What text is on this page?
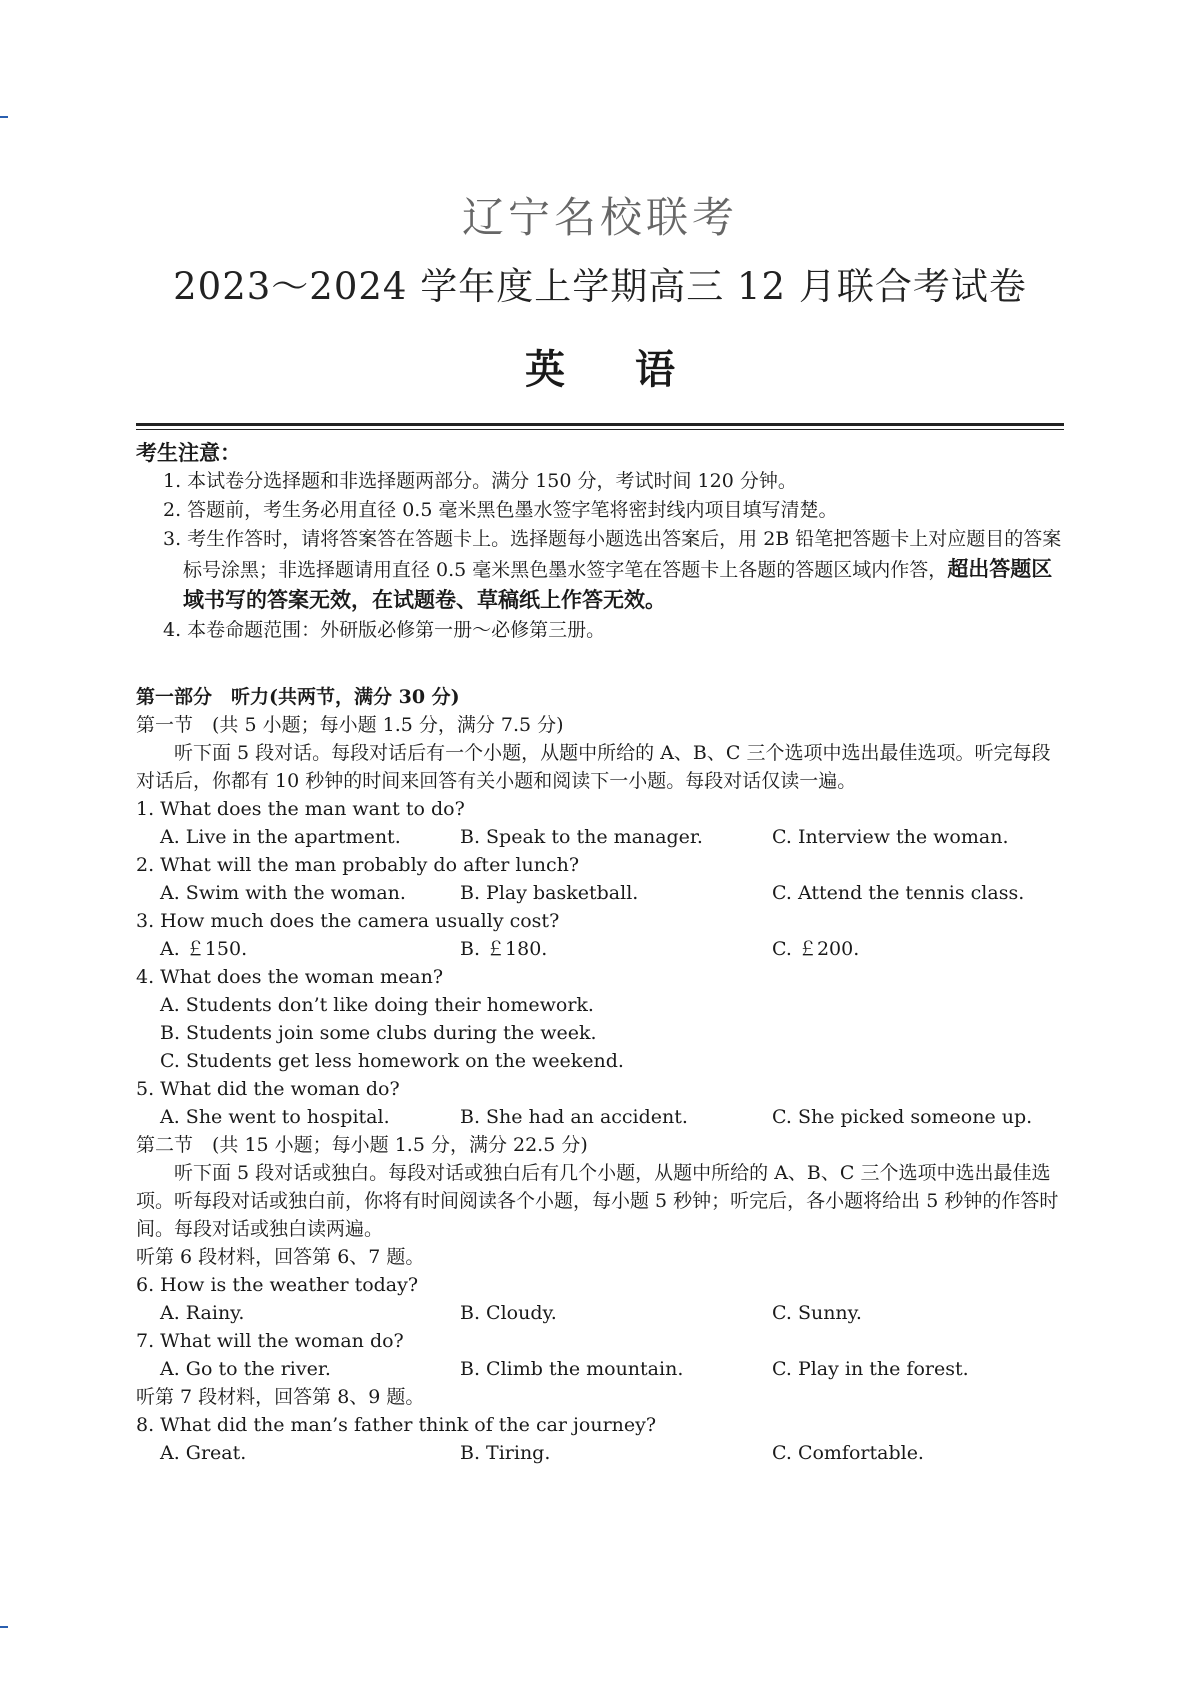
辽宁名校联考
2023～2024 学年度上学期高三 12 月联合考试卷
英语
考生注意：
1. 本试卷分选择题和非选择题两部分。满分 150 分，考试时间 120 分钟。
2. 答题前，考生务必用直径 0.5 毫米黑色墨水签字笔将密封线内项目填写清楚。
3. 考生作答时，请将答案答在答题卡上。选择题每小题选出答案后，用 2B 铅笔把答题卡上对应题目的答案标号涂黑；非选择题请用直径 0.5 毫米黑色墨水签字笔在答题卡上各题的答题区域内作答，超出答题区域书写的答案无效，在试题卷、草稿纸上作答无效。
4. 本卷命题范围：外研版必修第一册～必修第三册。
第一部分　听力(共两节，满分 30 分)
第一节　(共 5 小题；每小题 1.5 分，满分 7.5 分)
听下面 5 段对话。每段对话后有一个小题，从题中所给的 A、B、C 三个选项中选出最佳选项。听完每段对话后，你都有 10 秒钟的时间来回答有关小题和阅读下一小题。每段对话仅读一遍。
1. What does the man want to do?
A. Live in the apartment.	B. Speak to the manager.	C. Interview the woman.
2. What will the man probably do after lunch?
A. Swim with the woman.	B. Play basketball.	C. Attend the tennis class.
3. How much does the camera usually cost?
A. ￡150.	B. ￡180.	C. ￡200.
4. What does the woman mean?
A. Students don’t like doing their homework.
B. Students join some clubs during the week.
C. Students get less homework on the weekend.
5. What did the woman do?
A. She went to hospital.	B. She had an accident.	C. She picked someone up.
第二节　(共 15 小题；每小题 1.5 分，满分 22.5 分)
听下面 5 段对话或独白。每段对话或独白后有几个小题，从题中所给的 A、B、C 三个选项中选出最佳选项。听每段对话或独白前，你将有时间阅读各个小题，每小题 5 秒钟；听完后，各小题将给出 5 秒钟的作答时间。每段对话或独白读两遍。
听第 6 段材料，回答第 6、7 题。
6. How is the weather today?
A. Rainy.	B. Cloudy.	C. Sunny.
7. What will the woman do?
A. Go to the river.	B. Climb the mountain.	C. Play in the forest.
听第 7 段材料，回答第 8、9 题。
8. What did the man’s father think of the car journey?
A. Great.	B. Tiring.	C. Comfortable.
